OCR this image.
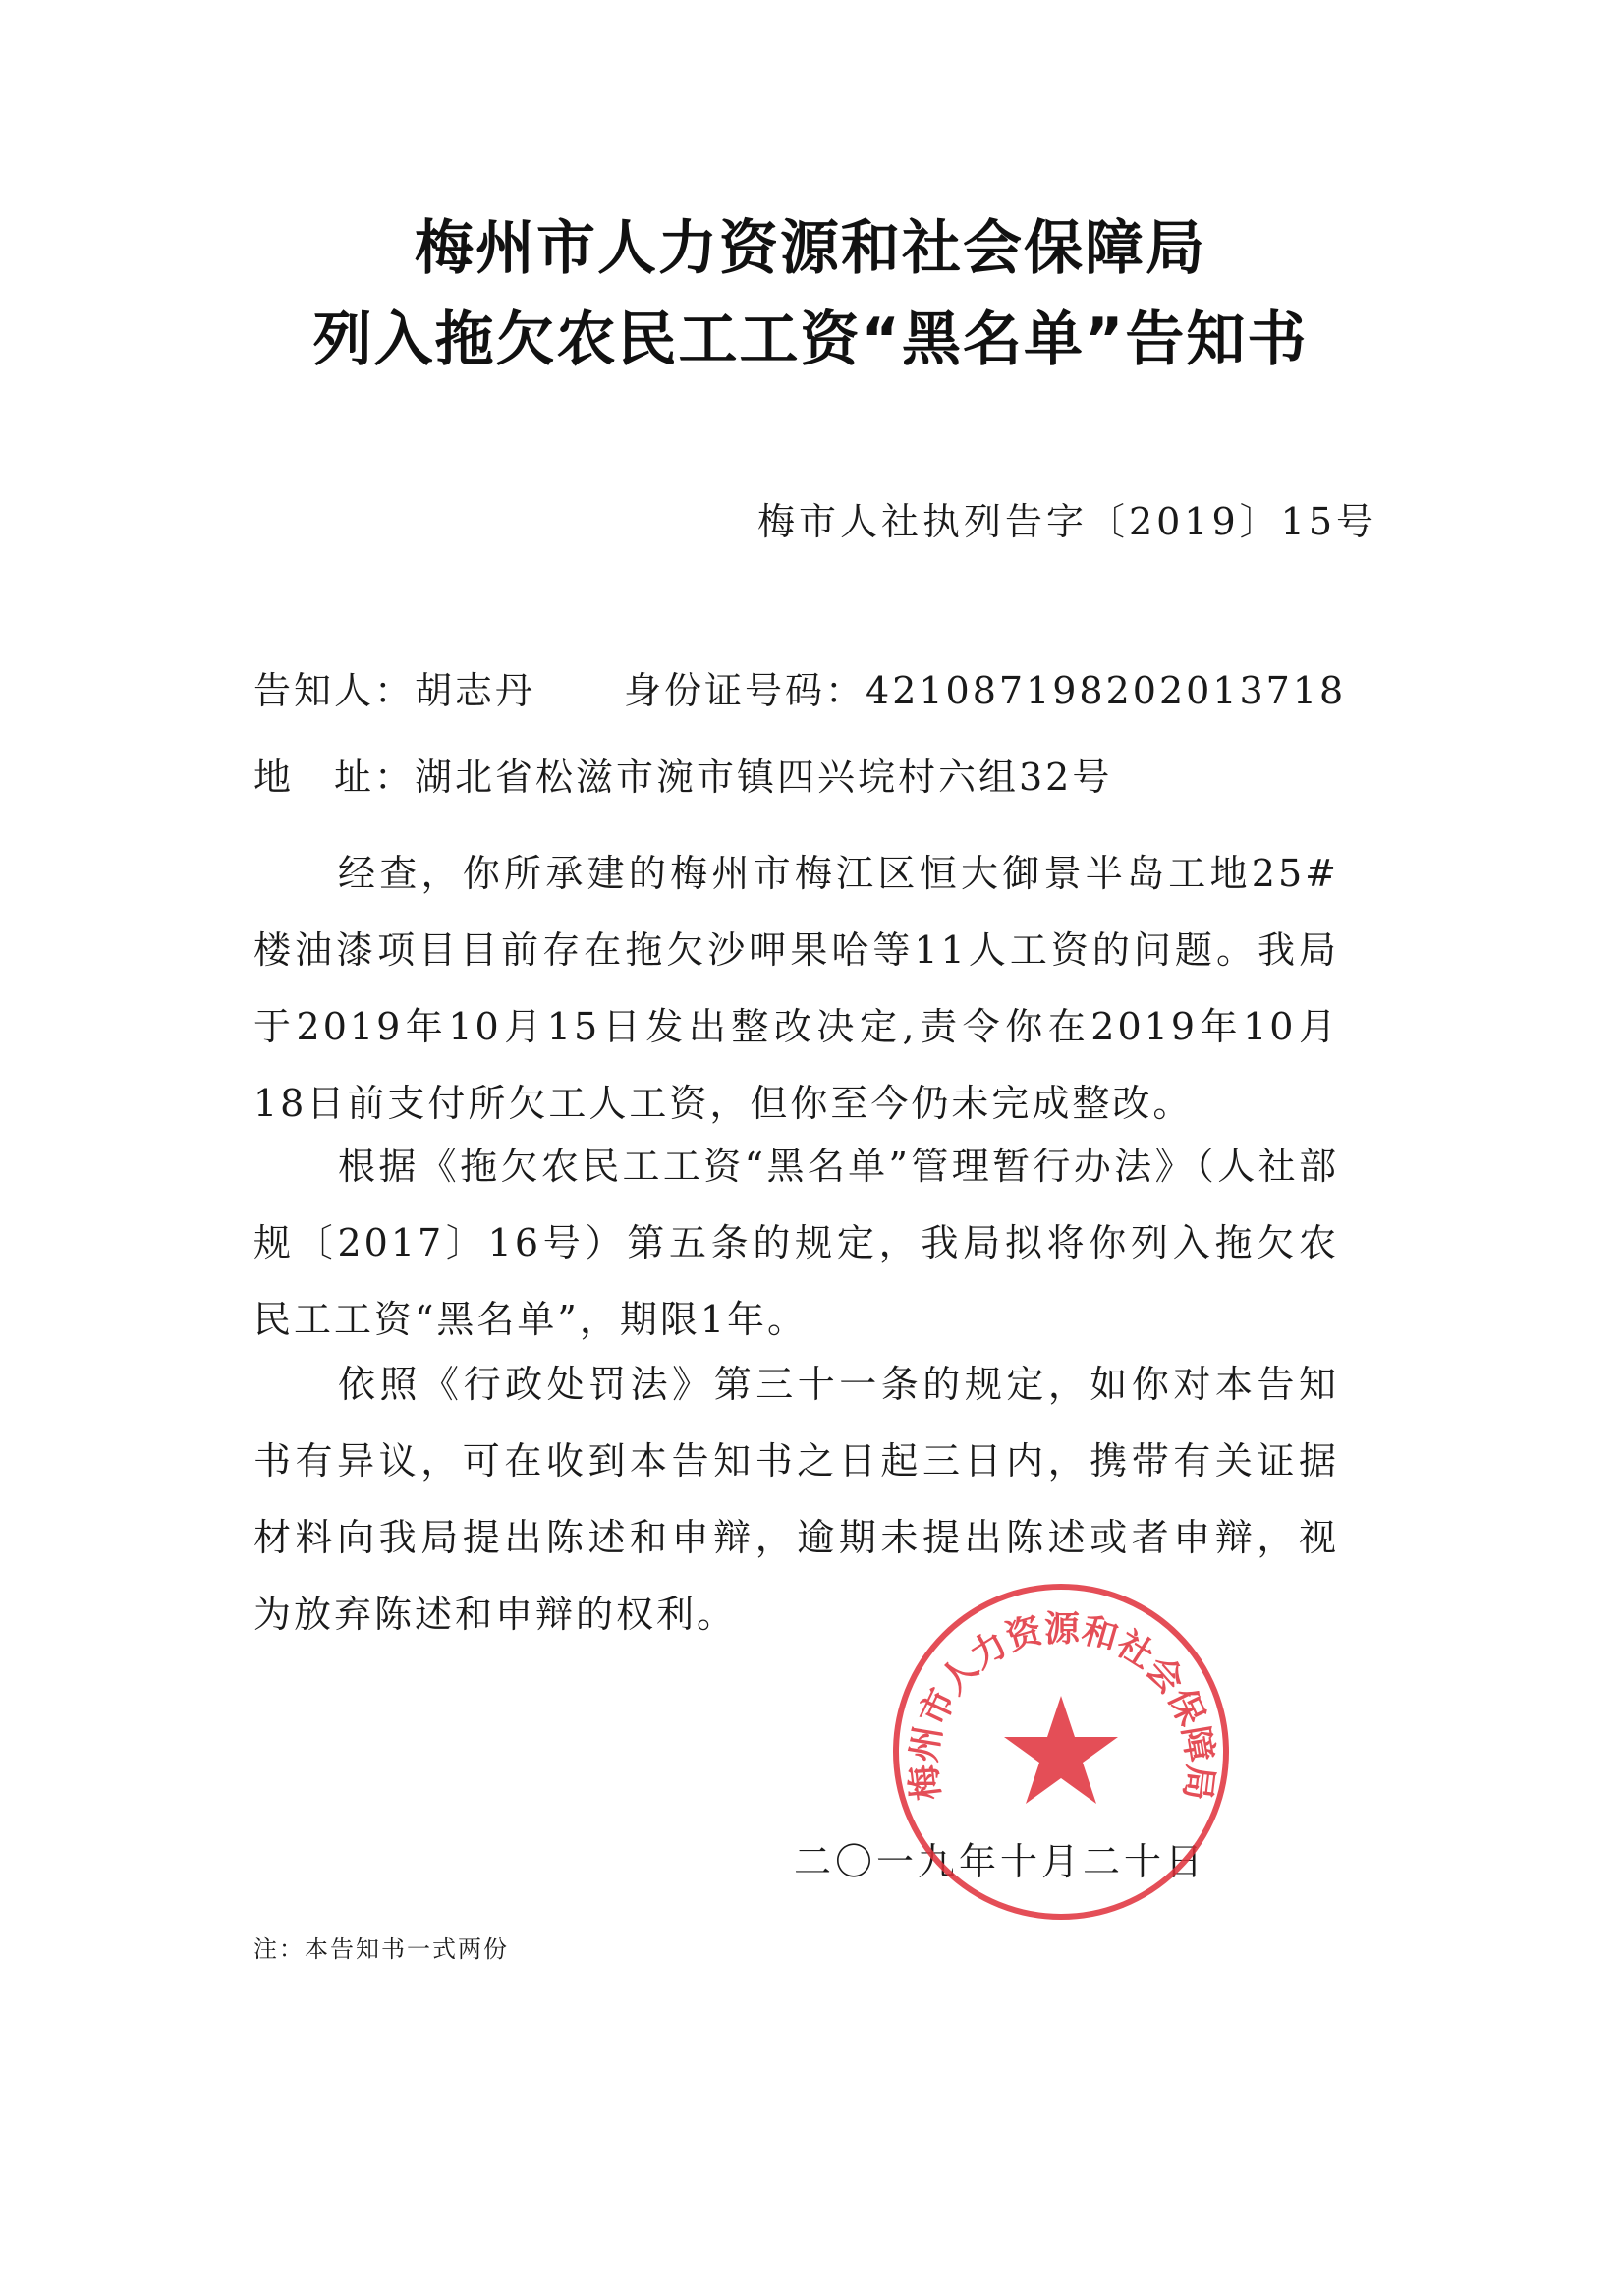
梅州市人力资源和社会保障局
列入拖欠农民工工资“黑名单”告知书
梅市人社执列告字〔2019〕15号
告知人：胡志丹 身份证号码：421087198202013718
地　址：湖北省松滋市涴市镇四兴垸村六组32号

经查，你所承建的梅州市梅江区恒大御景半岛工地25#楼油漆项目目前存在拖欠沙呷果哈等11人工资的问题。我局于2019年10月15日发出整改决定,责令你在2019年10月18日前支付所欠工人工资，但你至今仍未完成整改。

根据《拖欠农民工工资“黑名单”管理暂行办法》（人社部规〔2017〕16号）第五条的规定，我局拟将你列入拖欠农民工工资“黑名单”，期限1年。

依照《行政处罚法》第三十一条的规定，如你对本告知书有异议，可在收到本告知书之日起三日内，携带有关证据材料向我局提出陈述和申辩，逾期未提出陈述或者申辩，视为放弃陈述和申辩的权利。

二〇一九年十月二十日
梅州市人力资源和社会保障局
注：本告知书一式两份
